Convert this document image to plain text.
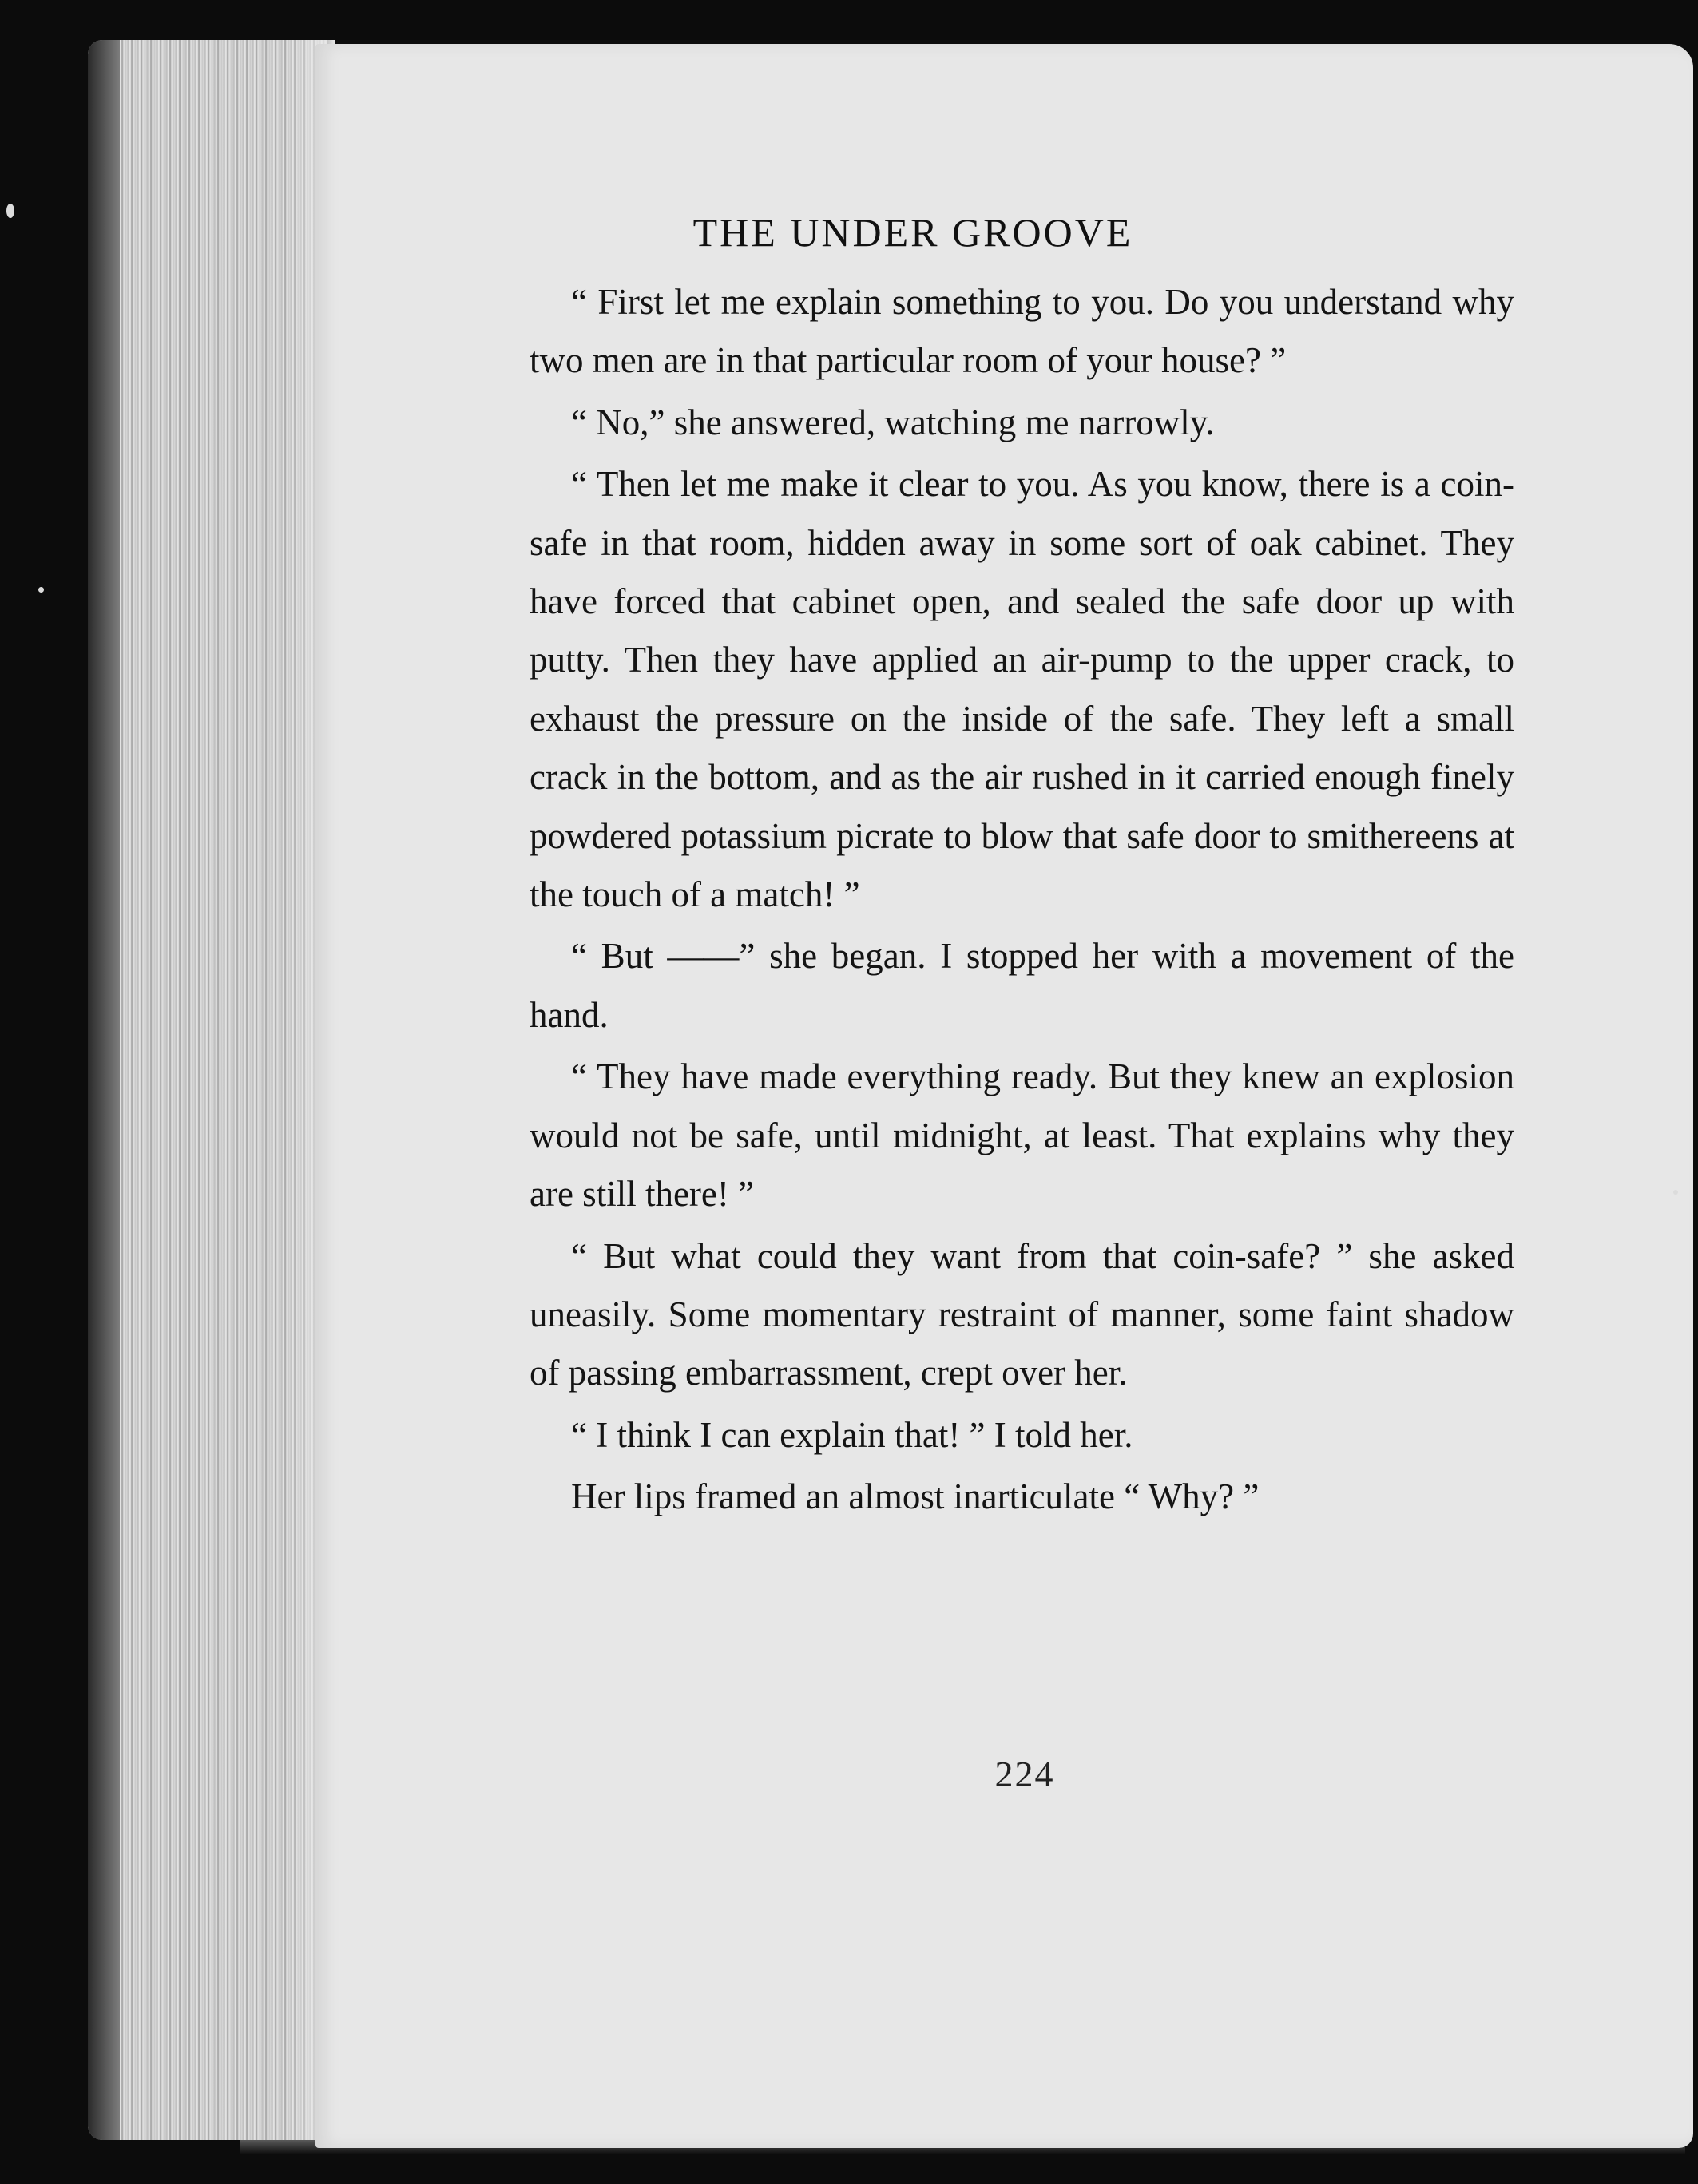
THE UNDER GROOVE

“ First let me explain something to you. Do you understand why two men are in that particular room of your house? ”

“ No,” she answered, watching me narrowly.

“ Then let me make it clear to you. As you know, there is a coin-safe in that room, hidden away in some sort of oak cabinet. They have forced that cabinet open, and sealed the safe door up with putty. Then they have applied an air-pump to the upper crack, to exhaust the pressure on the inside of the safe. They left a small crack in the bottom, and as the air rushed in it carried enough finely powdered potassium picrate to blow that safe door to smithereens at the touch of a match! ”

“ But ——” she began. I stopped her with a movement of the hand.

“ They have made everything ready. But they knew an explosion would not be safe, until midnight, at least. That explains why they are still there! ”

“ But what could they want from that coin-safe? ” she asked uneasily. Some momentary restraint of manner, some faint shadow of passing embarrassment, crept over her.

“ I think I can explain that! ” I told her.

Her lips framed an almost inarticulate “ Why? ”

224
